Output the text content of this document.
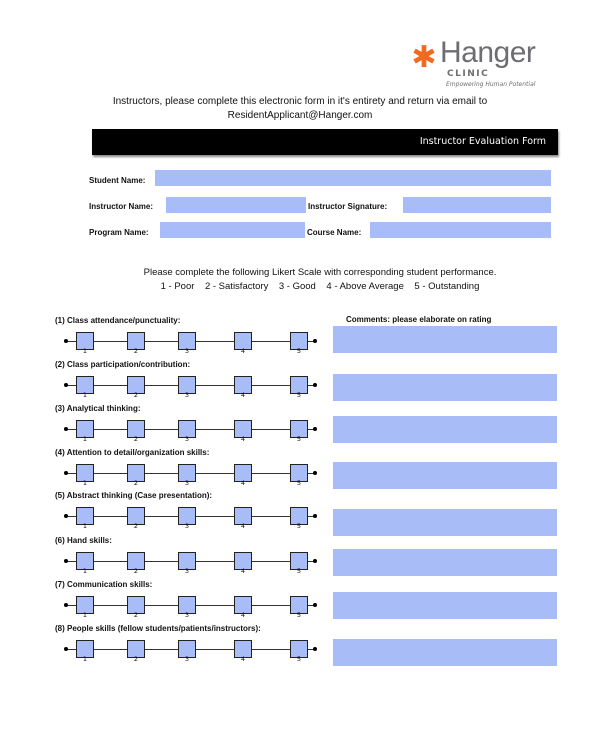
✱ Hanger
CLINIC
Empowering Human Potential
Instructors, please complete this electronic form in it's entirety and return via email to
ResidentApplicant@Hanger.com
Instructor Evaluation Form
Student Name:
Instructor Name:	Instructor Signature:
Program Name:	Course Name:
Please complete the following Likert Scale with corresponding student performance.
1 - Poor    2 - Satisfactory    3 - Good    4 - Above Average    5 - Outstanding
Comments: please elaborate on rating
(1) Class attendance/punctuality:
1	2	3	4	5
(2) Class participation/contribution:
1	2	3	4	5
(3) Analytical thinking:
1	2	3	4	5
(4) Attention to detail/organization skills:
1	2	3	4	5
(5) Abstract thinking (Case presentation):
1	2	3	4	5
(6) Hand skills:
1	2	3	4	5
(7) Communication skills:
1	2	3	4	5
(8) People skills (fellow students/patients/instructors):
1	2	3	4	5
